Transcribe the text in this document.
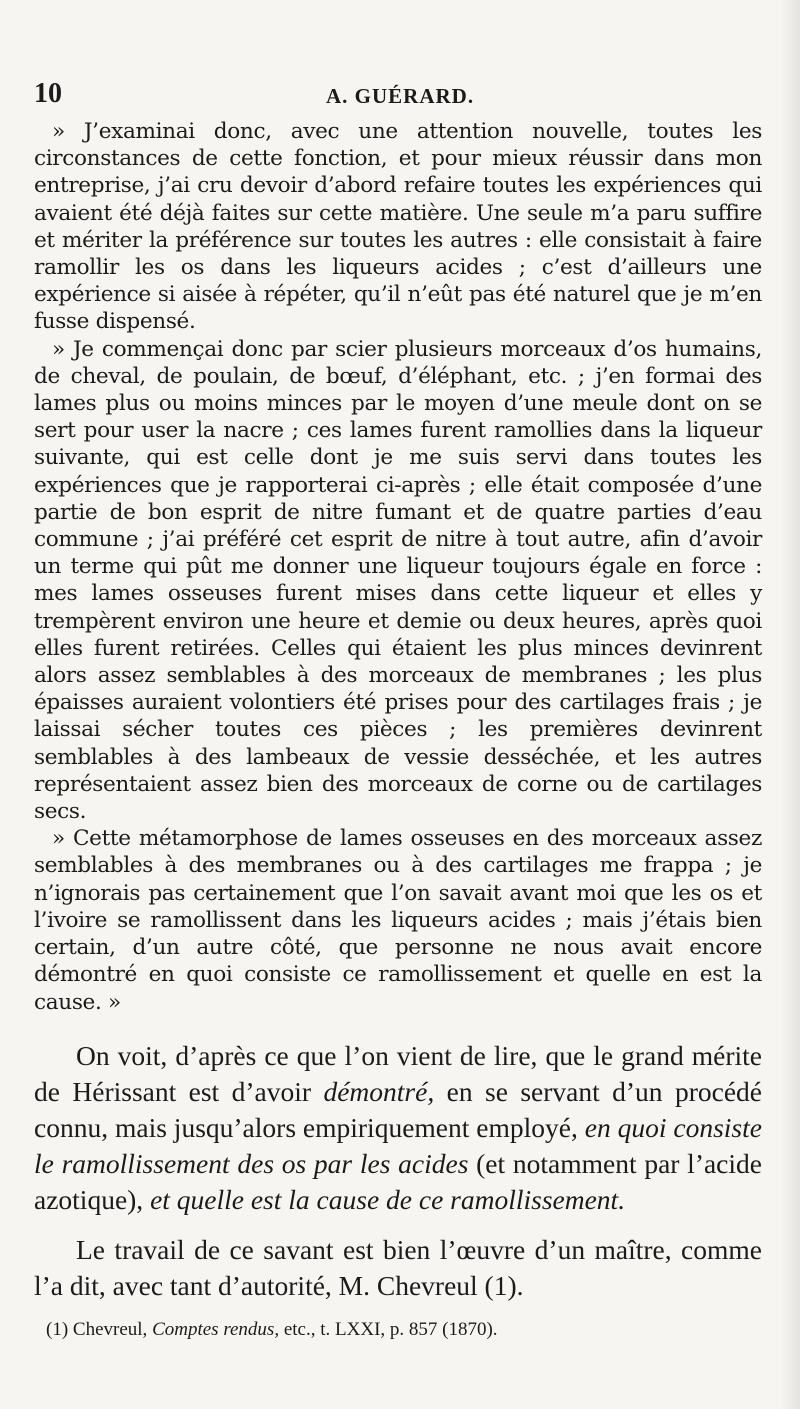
10	A. GUÉRARD.

» J’examinai donc, avec une attention nouvelle, toutes les circonstances de cette fonction, et pour mieux réussir dans mon entreprise, j’ai cru devoir d’abord refaire toutes les expériences qui avaient été déjà faites sur cette matière. Une seule m’a paru suffire et mériter la préférence sur toutes les autres : elle consistait à faire ramollir les os dans les liqueurs acides ; c’est d’ailleurs une expérience si aisée à répéter, qu’il n’eût pas été naturel que je m’en fusse dispensé.

» Je commençai donc par scier plusieurs morceaux d’os humains, de cheval, de poulain, de bœuf, d’éléphant, etc. ; j’en formai des lames plus ou moins minces par le moyen d’une meule dont on se sert pour user la nacre ; ces lames furent ramollies dans la liqueur suivante, qui est celle dont je me suis servi dans toutes les expériences que je rapporterai ci-après ; elle était composée d’une partie de bon esprit de nitre fumant et de quatre parties d’eau commune ; j’ai préféré cet esprit de nitre à tout autre, afin d’avoir un terme qui pût me donner une liqueur toujours égale en force : mes lames osseuses furent mises dans cette liqueur et elles y trempèrent environ une heure et demie ou deux heures, après quoi elles furent retirées. Celles qui étaient les plus minces devinrent alors assez semblables à des morceaux de membranes ; les plus épaisses auraient volontiers été prises pour des cartilages frais ; je laissai sécher toutes ces pièces ; les premières devinrent semblables à des lambeaux de vessie desséchée, et les autres représentaient assez bien des morceaux de corne ou de cartilages secs.

» Cette métamorphose de lames osseuses en des morceaux assez semblables à des membranes ou à des cartilages me frappa ; je n’ignorais pas certainement que l’on savait avant moi que les os et l’ivoire se ramollissent dans les liqueurs acides ; mais j’étais bien certain, d’un autre côté, que personne ne nous avait encore démontré en quoi consiste ce ramollissement et quelle en est la cause. »

On voit, d’après ce que l’on vient de lire, que le grand mérite de Hérissant est d’avoir démontré, en se servant d’un procédé connu, mais jusqu’alors empiriquement employé, en quoi consiste le ramollissement des os par les acides (et notamment par l’acide azotique), et quelle est la cause de ce ramollissement.

Le travail de ce savant est bien l’œuvre d’un maître, comme l’a dit, avec tant d’autorité, M. Chevreul (1).

(1) Chevreul, Comptes rendus, etc., t. LXXI, p. 857 (1870).
